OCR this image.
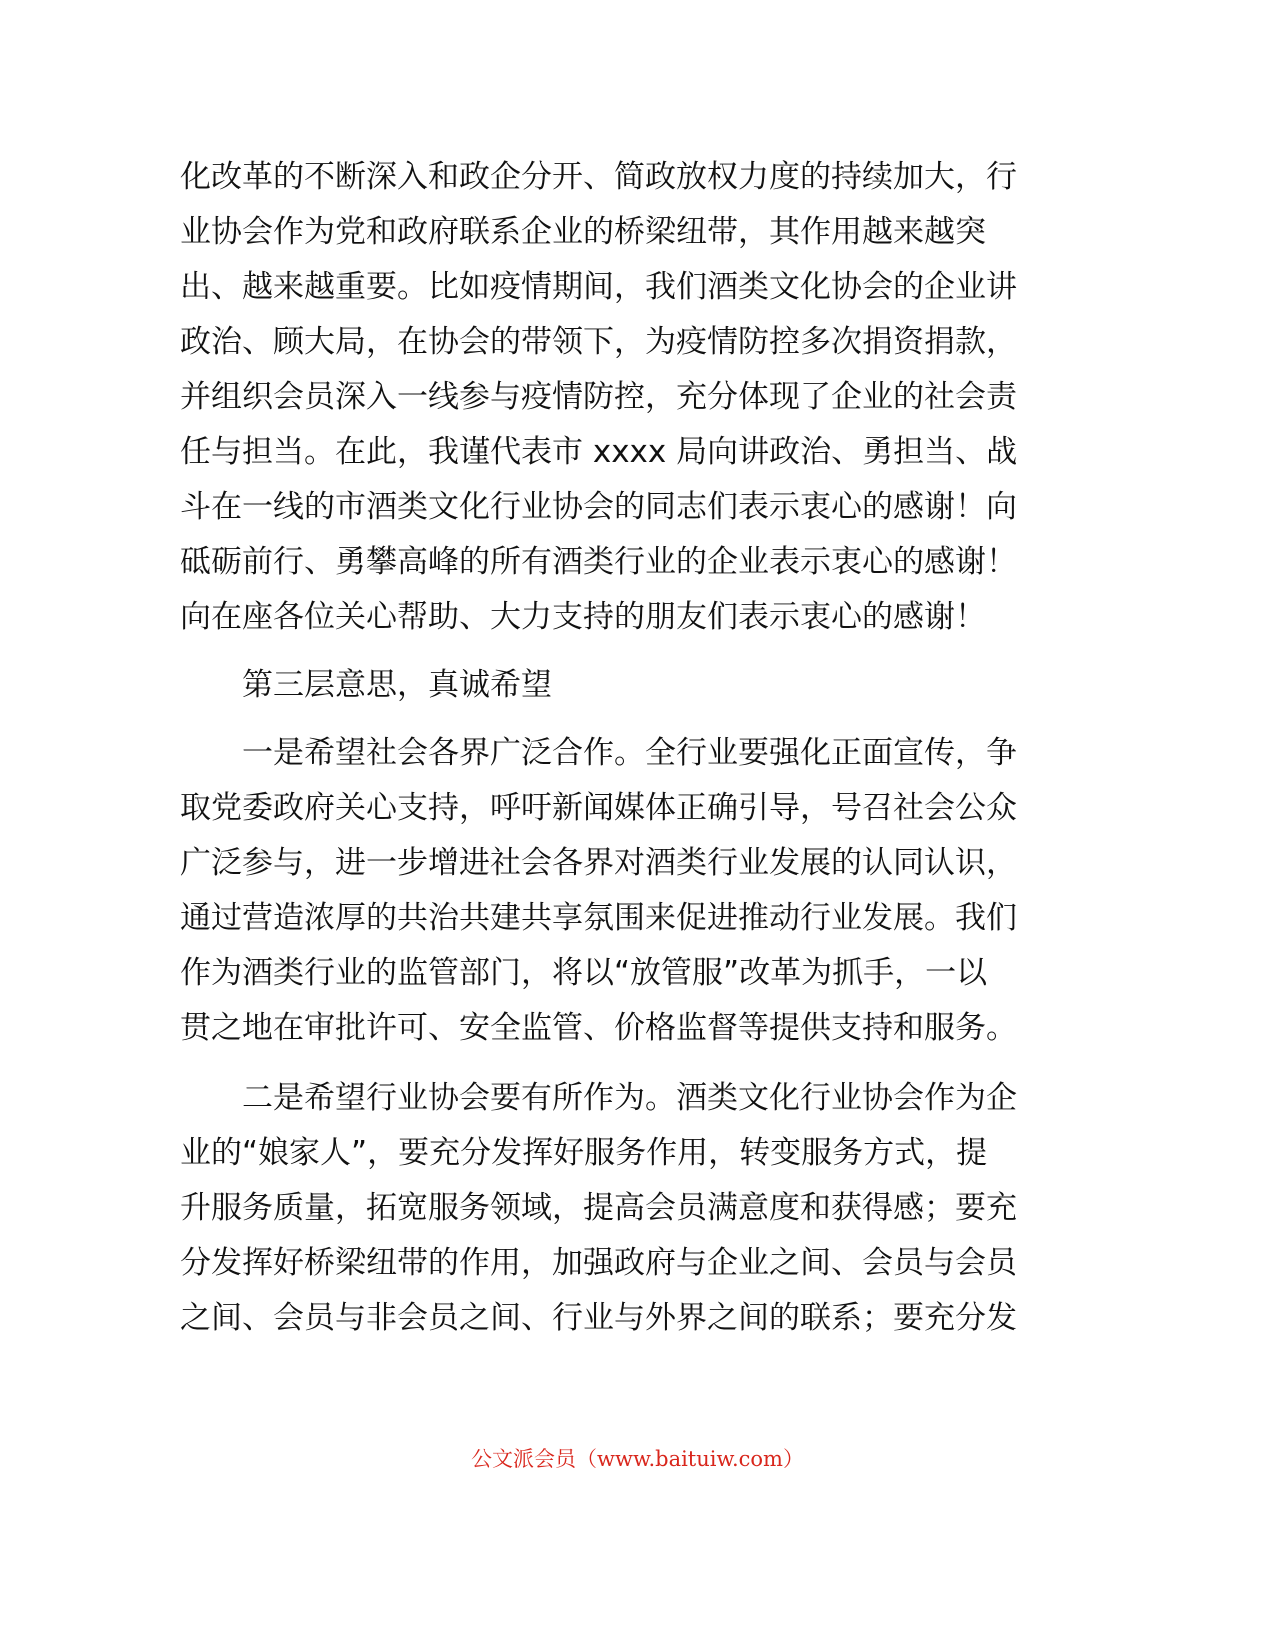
化改革的不断深入和政企分开、简政放权力度的持续加大，行
业协会作为党和政府联系企业的桥梁纽带，其作用越来越突
出、越来越重要。比如疫情期间，我们酒类文化协会的企业讲
政治、顾大局，在协会的带领下，为疫情防控多次捐资捐款，
并组织会员深入一线参与疫情防控，充分体现了企业的社会责
任与担当。在此，我谨代表市 xxxx 局向讲政治、勇担当、战
斗在一线的市酒类文化行业协会的同志们表示衷心的感谢！向
砥砺前行、勇攀高峰的所有酒类行业的企业表示衷心的感谢！
向在座各位关心帮助、大力支持的朋友们表示衷心的感谢！
第三层意思，真诚希望
一是希望社会各界广泛合作。全行业要强化正面宣传，争
取党委政府关心支持，呼吁新闻媒体正确引导，号召社会公众
广泛参与，进一步增进社会各界对酒类行业发展的认同认识，
通过营造浓厚的共治共建共享氛围来促进推动行业发展。我们
作为酒类行业的监管部门，将以“放管服”改革为抓手，一以
贯之地在审批许可、安全监管、价格监督等提供支持和服务。
二是希望行业协会要有所作为。酒类文化行业协会作为企
业的“娘家人”，要充分发挥好服务作用，转变服务方式，提
升服务质量，拓宽服务领域，提高会员满意度和获得感；要充
分发挥好桥梁纽带的作用，加强政府与企业之间、会员与会员
之间、会员与非会员之间、行业与外界之间的联系；要充分发
公文派会员（www.baituiw.com）
